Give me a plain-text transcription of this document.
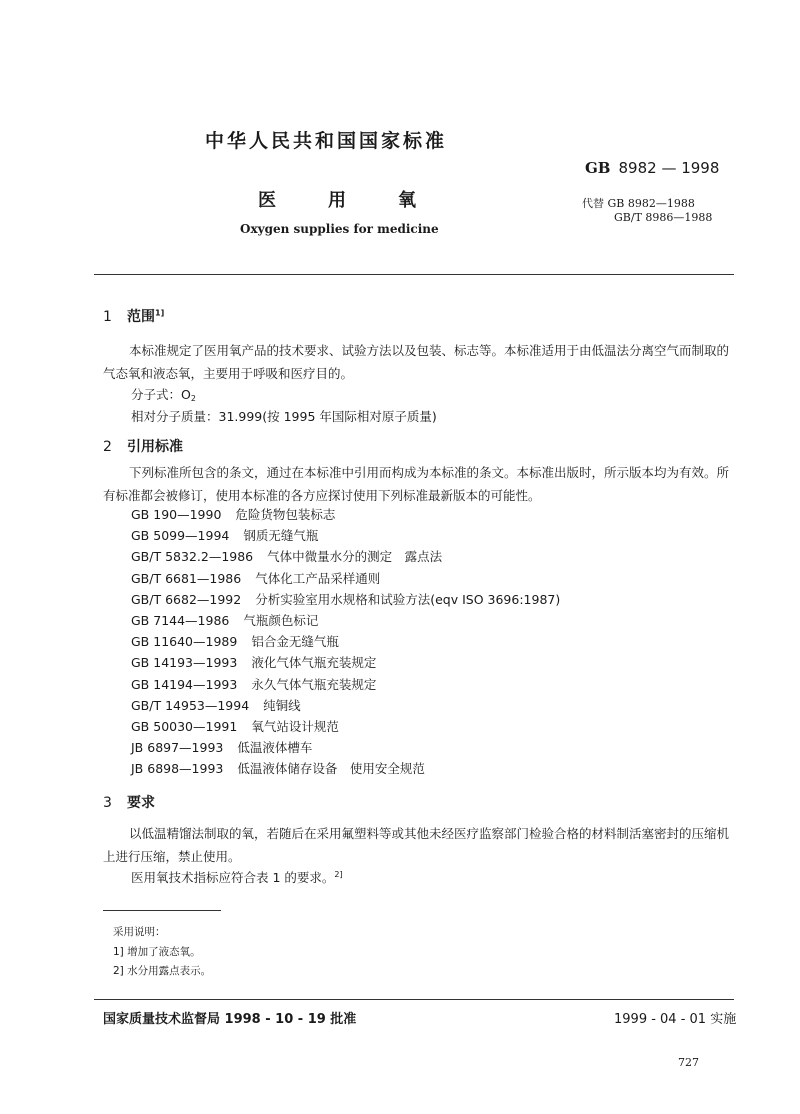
中华人民共和国国家标准
GB 8982 — 1998
医	用	氧	代替 GB 8982—1988
GB/T 8986—1988
Oxygen supplies for medicine
1 范围$^{1]}$
本标准规定了医用氧产品的技术要求、试验方法以及包装、标志等。本标准适用于由低温法分离空气而制取的气态氧和液态氧，主要用于呼吸和医疗目的。
分子式：$O_2$
相对分子质量：31.999(按 1995 年国际相对原子质量)
2 引用标准
下列标准所包含的条文，通过在本标准中引用而构成为本标准的条文。本标准出版时，所示版本均为有效。所有标准都会被修订，使用本标准的各方应探讨使用下列标准最新版本的可能性。
GB 190—1990 危险货物包装标志
GB 5099—1994 钢质无缝气瓶
GB/T 5832.2—1986 气体中微量水分的测定　露点法
GB/T 6681—1986 气体化工产品采样通则
GB/T 6682—1992 分析实验室用水规格和试验方法(eqv ISO 3696:1987)
GB 7144—1986 气瓶颜色标记
GB 11640—1989 铝合金无缝气瓶
GB 14193—1993 液化气体气瓶充装规定
GB 14194—1993 永久气体气瓶充装规定
GB/T 14953—1994 纯铜线
GB 50030—1991 氧气站设计规范
JB 6897—1993 低温液体槽车
JB 6898—1993 低温液体储存设备　使用安全规范
3 要求
以低温精馏法制取的氧，若随后在采用氟塑料等或其他未经医疗监察部门检验合格的材料制活塞密封的压缩机上进行压缩，禁止使用。
医用氧技术指标应符合表 1 的要求。$^{2]}$
采用说明：
1] 增加了液态氧。
2] 水分用露点表示。
国家质量技术监督局 1998 - 10 - 19 批准	1999 - 04 - 01 实施
727
